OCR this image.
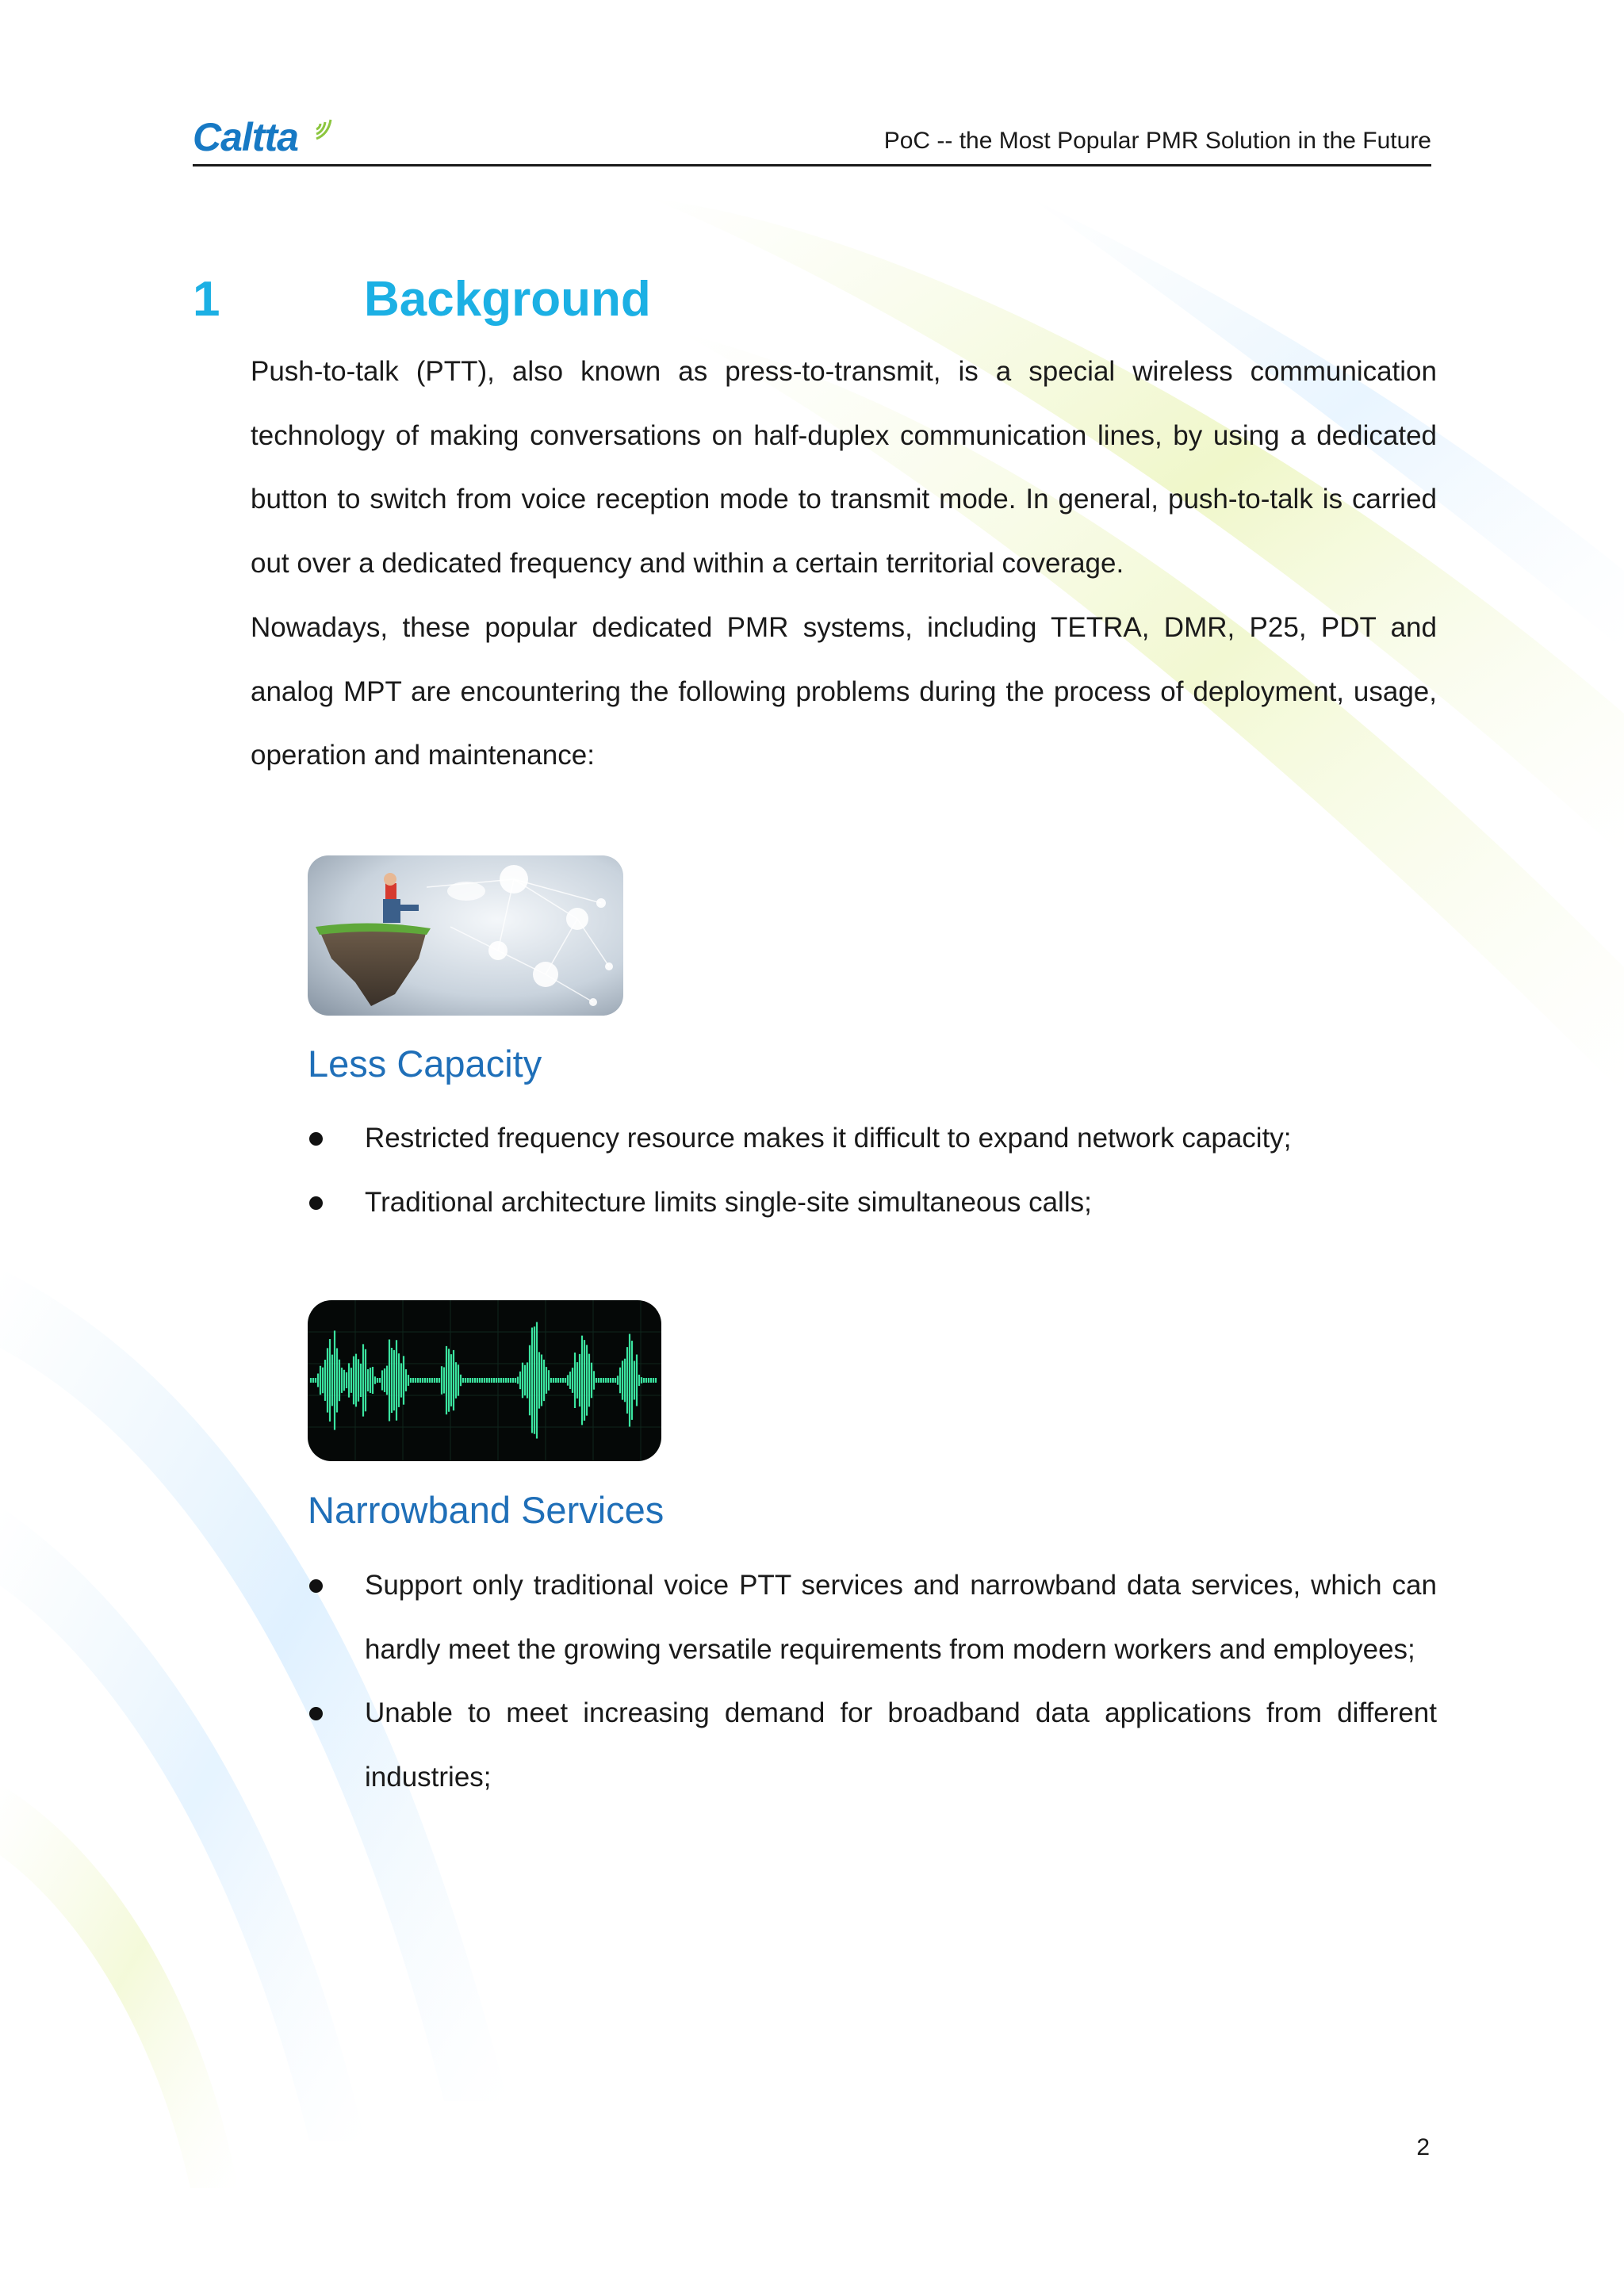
Caltta	PoC -- the Most Popular PMR Solution in the Future
1	Background
Push-to-talk (PTT), also known as press-to-transmit, is a special wireless communication technology of making conversations on half-duplex communication lines, by using a dedicated button to switch from voice reception mode to transmit mode. In general, push-to-talk is carried out over a dedicated frequency and within a certain territorial coverage.
Nowadays, these popular dedicated PMR systems, including TETRA, DMR, P25, PDT and analog MPT are encountering the following problems during the process of deployment, usage, operation and maintenance:
Less Capacity
Restricted frequency resource makes it difficult to expand network capacity;
Traditional architecture limits single-site simultaneous calls;
Narrowband Services
Support only traditional voice PTT services and narrowband data services, which can hardly meet the growing versatile requirements from modern workers and employees;
Unable to meet increasing demand for broadband data applications from different industries;
2
